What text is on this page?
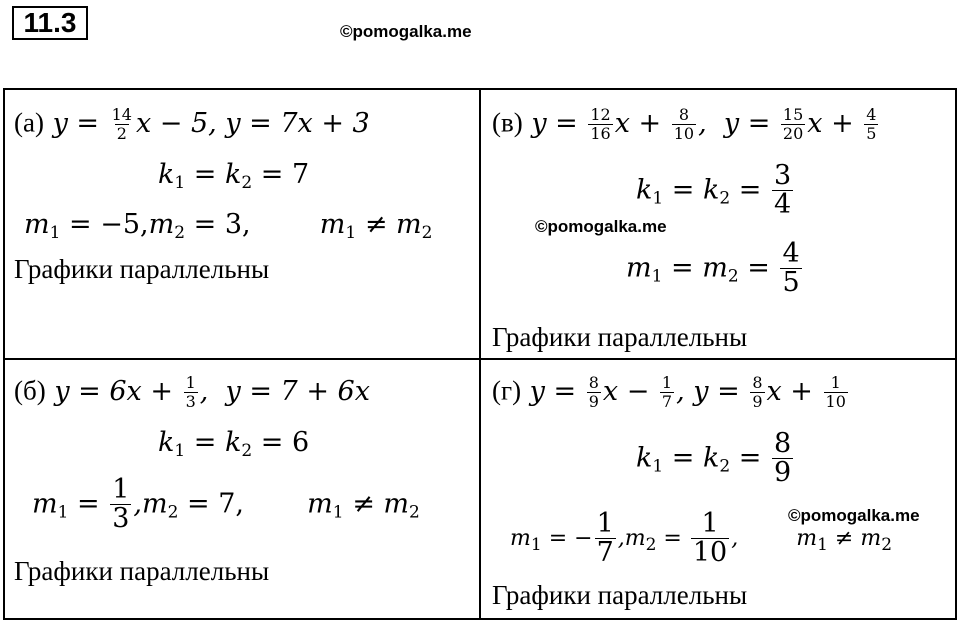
11.3	©pomogalka.me
©pomogalka.me
©pomogalka.me
(а) $y = \frac{14}{2}$ x − 5, y = 7x + 3
$k_1 = k_2 = 7$
$m_1 = -5,m_2 = 3$,  $m_1 \ne m_2$
Графики параллельны
(в) $y = \frac{12}{16}$ $x + \frac{8}{10}$ ,  $y = \frac{15}{20}$ $x + \frac{4}{5}$
$k_1 = k_2 = \frac{3}{4}$
$m_1 = m_2 = \frac{4}{5}$
Графики параллельны
(б) $y = 6x + \frac{1}{3}$ ,  y = 7 + 6x
$k_1 = k_2 = 6$
$m_1 = \frac{1}{3} ,m_2 = 7$,  $m_1 \ne m_2$
Графики параллельны
(г) $y = \frac{8}{9}$ $x - \frac{1}{7}$ , $y = \frac{8}{9}$ $x + \frac{1}{10}$
$k_1 = k_2 = \frac{8}{9}$
$m_1$ = − $\frac{1}{7} ,m_2 = \frac{1}{10}$ ,  $m_1 \ne m_2$
Графики параллельны
